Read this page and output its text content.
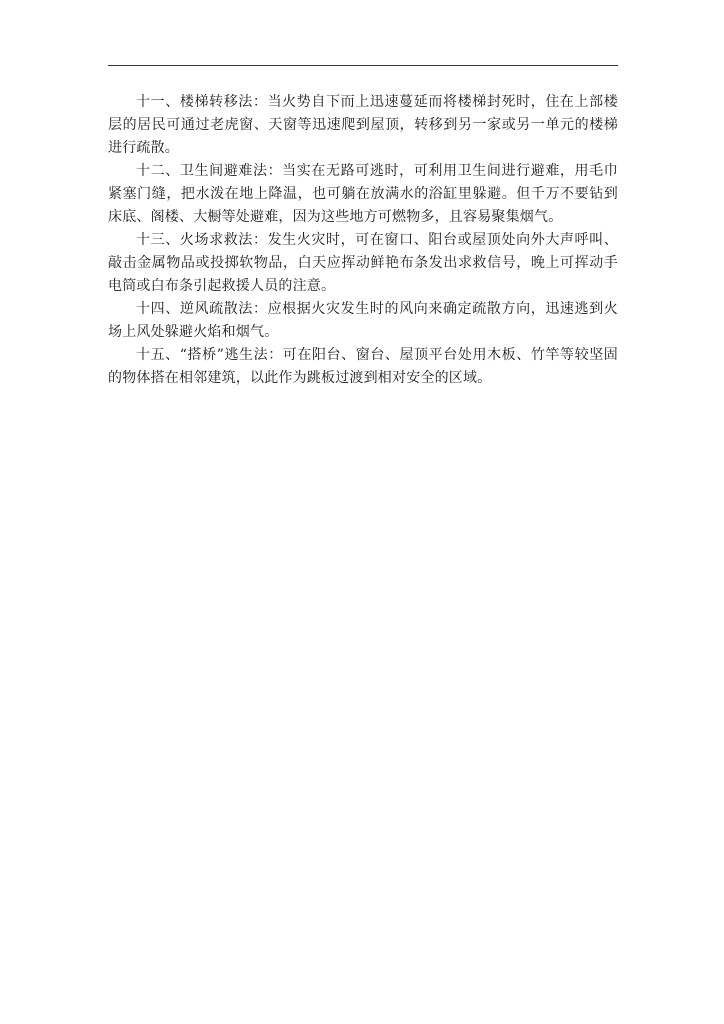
十一、楼梯转移法：当火势自下而上迅速蔓延而将楼梯封死时，住在上部楼层的居民可通过老虎窗、天窗等迅速爬到屋顶，转移到另一家或另一单元的楼梯进行疏散。

十二、卫生间避难法：当实在无路可逃时，可利用卫生间进行避难，用毛巾紧塞门缝，把水泼在地上降温，也可躺在放满水的浴缸里躲避。但千万不要钻到床底、阁楼、大橱等处避难，因为这些地方可燃物多，且容易聚集烟气。

十三、火场求救法：发生火灾时，可在窗口、阳台或屋顶处向外大声呼叫、敲击金属物品或投掷软物品，白天应挥动鲜艳布条发出求救信号，晚上可挥动手电筒或白布条引起救援人员的注意。

十四、逆风疏散法：应根据火灾发生时的风向来确定疏散方向，迅速逃到火场上风处躲避火焰和烟气。

十五、“搭桥”逃生法：可在阳台、窗台、屋顶平台处用木板、竹竿等较坚固的物体搭在相邻建筑，以此作为跳板过渡到相对安全的区域。
